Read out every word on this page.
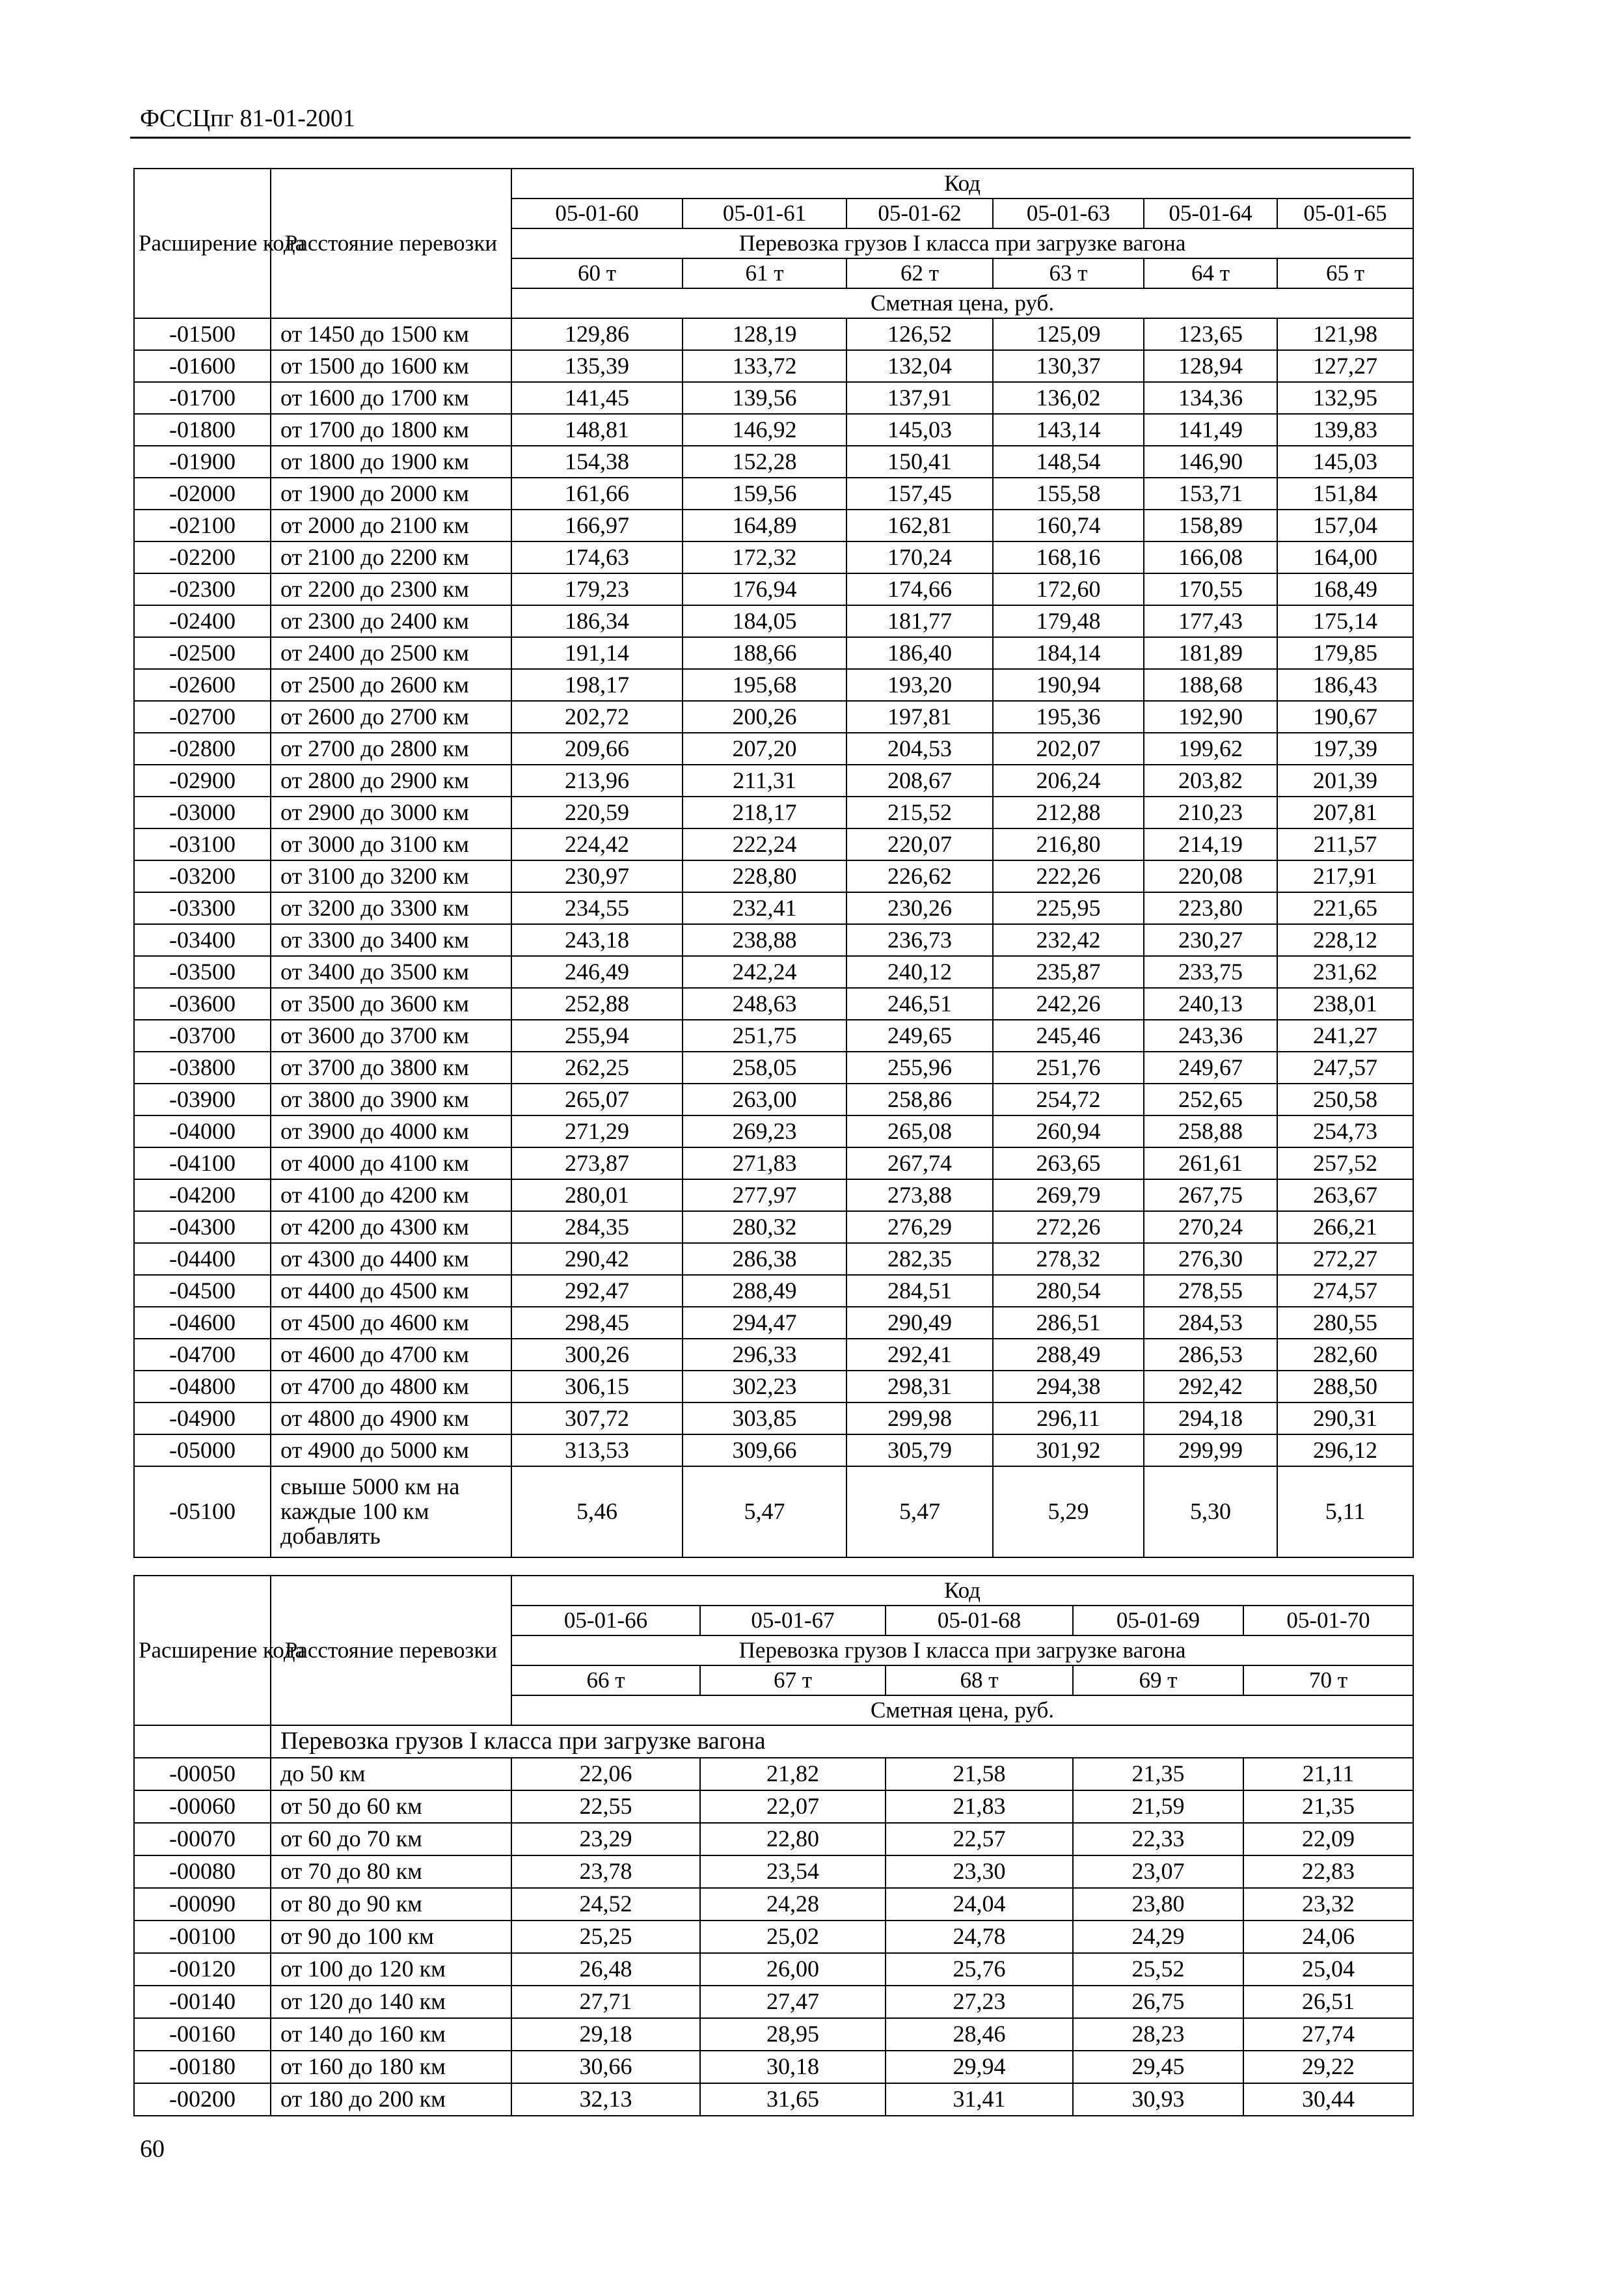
ФССЦпг 81-01-2001
Расширение кода	Расстояние перевозки	Код					
		05-01-60	05-01-61	05-01-62	05-01-63	05-01-64	05-01-65
		Перевозка грузов I класса при загрузке вагона					
		60 т	61 т	62 т	63 т	64 т	65 т
		Сметная цена, руб.					
-01500	от 1450 до 1500 км	129,86	128,19	126,52	125,09	123,65	121,98
-01600	от 1500 до 1600 км	135,39	133,72	132,04	130,37	128,94	127,27
-01700	от 1600 до 1700 км	141,45	139,56	137,91	136,02	134,36	132,95
-01800	от 1700 до 1800 км	148,81	146,92	145,03	143,14	141,49	139,83
-01900	от 1800 до 1900 км	154,38	152,28	150,41	148,54	146,90	145,03
-02000	от 1900 до 2000 км	161,66	159,56	157,45	155,58	153,71	151,84
-02100	от 2000 до 2100 км	166,97	164,89	162,81	160,74	158,89	157,04
-02200	от 2100 до 2200 км	174,63	172,32	170,24	168,16	166,08	164,00
-02300	от 2200 до 2300 км	179,23	176,94	174,66	172,60	170,55	168,49
-02400	от 2300 до 2400 км	186,34	184,05	181,77	179,48	177,43	175,14
-02500	от 2400 до 2500 км	191,14	188,66	186,40	184,14	181,89	179,85
-02600	от 2500 до 2600 км	198,17	195,68	193,20	190,94	188,68	186,43
-02700	от 2600 до 2700 км	202,72	200,26	197,81	195,36	192,90	190,67
-02800	от 2700 до 2800 км	209,66	207,20	204,53	202,07	199,62	197,39
-02900	от 2800 до 2900 км	213,96	211,31	208,67	206,24	203,82	201,39
-03000	от 2900 до 3000 км	220,59	218,17	215,52	212,88	210,23	207,81
-03100	от 3000 до 3100 км	224,42	222,24	220,07	216,80	214,19	211,57
-03200	от 3100 до 3200 км	230,97	228,80	226,62	222,26	220,08	217,91
-03300	от 3200 до 3300 км	234,55	232,41	230,26	225,95	223,80	221,65
-03400	от 3300 до 3400 км	243,18	238,88	236,73	232,42	230,27	228,12
-03500	от 3400 до 3500 км	246,49	242,24	240,12	235,87	233,75	231,62
-03600	от 3500 до 3600 км	252,88	248,63	246,51	242,26	240,13	238,01
-03700	от 3600 до 3700 км	255,94	251,75	249,65	245,46	243,36	241,27
-03800	от 3700 до 3800 км	262,25	258,05	255,96	251,76	249,67	247,57
-03900	от 3800 до 3900 км	265,07	263,00	258,86	254,72	252,65	250,58
-04000	от 3900 до 4000 км	271,29	269,23	265,08	260,94	258,88	254,73
-04100	от 4000 до 4100 км	273,87	271,83	267,74	263,65	261,61	257,52
-04200	от 4100 до 4200 км	280,01	277,97	273,88	269,79	267,75	263,67
-04300	от 4200 до 4300 км	284,35	280,32	276,29	272,26	270,24	266,21
-04400	от 4300 до 4400 км	290,42	286,38	282,35	278,32	276,30	272,27
-04500	от 4400 до 4500 км	292,47	288,49	284,51	280,54	278,55	274,57
-04600	от 4500 до 4600 км	298,45	294,47	290,49	286,51	284,53	280,55
-04700	от 4600 до 4700 км	300,26	296,33	292,41	288,49	286,53	282,60
-04800	от 4700 до 4800 км	306,15	302,23	298,31	294,38	292,42	288,50
-04900	от 4800 до 4900 км	307,72	303,85	299,98	296,11	294,18	290,31
-05000	от 4900 до 5000 км	313,53	309,66	305,79	301,92	299,99	296,12
-05100	свыше 5000 км на каждые 100 км добавлять	5,46	5,47	5,47	5,29	5,30	5,11
Расширение кода	Расстояние перевозки	Код				
		05-01-66	05-01-67	05-01-68	05-01-69	05-01-70
		Перевозка грузов I класса при загрузке вагона				
		66 т	67 т	68 т	69 т	70 т
		Сметная цена, руб.				
	Перевозка грузов I класса при загрузке вагона					
-00050	до 50 км	22,06	21,82	21,58	21,35	21,11
-00060	от 50 до 60 км	22,55	22,07	21,83	21,59	21,35
-00070	от 60 до 70 км	23,29	22,80	22,57	22,33	22,09
-00080	от 70 до 80 км	23,78	23,54	23,30	23,07	22,83
-00090	от 80 до 90 км	24,52	24,28	24,04	23,80	23,32
-00100	от 90 до 100 км	25,25	25,02	24,78	24,29	24,06
-00120	от 100 до 120 км	26,48	26,00	25,76	25,52	25,04
-00140	от 120 до 140 км	27,71	27,47	27,23	26,75	26,51
-00160	от 140 до 160 км	29,18	28,95	28,46	28,23	27,74
-00180	от 160 до 180 км	30,66	30,18	29,94	29,45	29,22
-00200	от 180 до 200 км	32,13	31,65	31,41	30,93	30,44
60
